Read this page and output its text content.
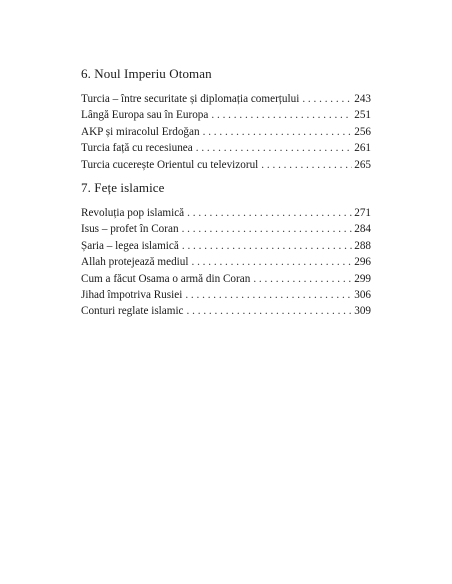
6. Noul Imperiu Otoman
Turcia – între securitate și diplomația comerțului . . .	243
Lângă Europa sau în Europa . . .	251
AKP și miracolul Erdoğan . . .	256
Turcia față cu recesiunea . . .	261
Turcia cucerește Orientul cu televizorul . . .	265
7. Fețe islamice
Revoluția pop islamică . . .	271
Isus – profet în Coran . . .	284
Șaria – legea islamică . . .	288
Allah protejează mediul . . .	296
Cum a făcut Osama o armă din Coran . . .	299
Jihad împotriva Rusiei . . .	306
Conturi reglate islamic . . .	309
